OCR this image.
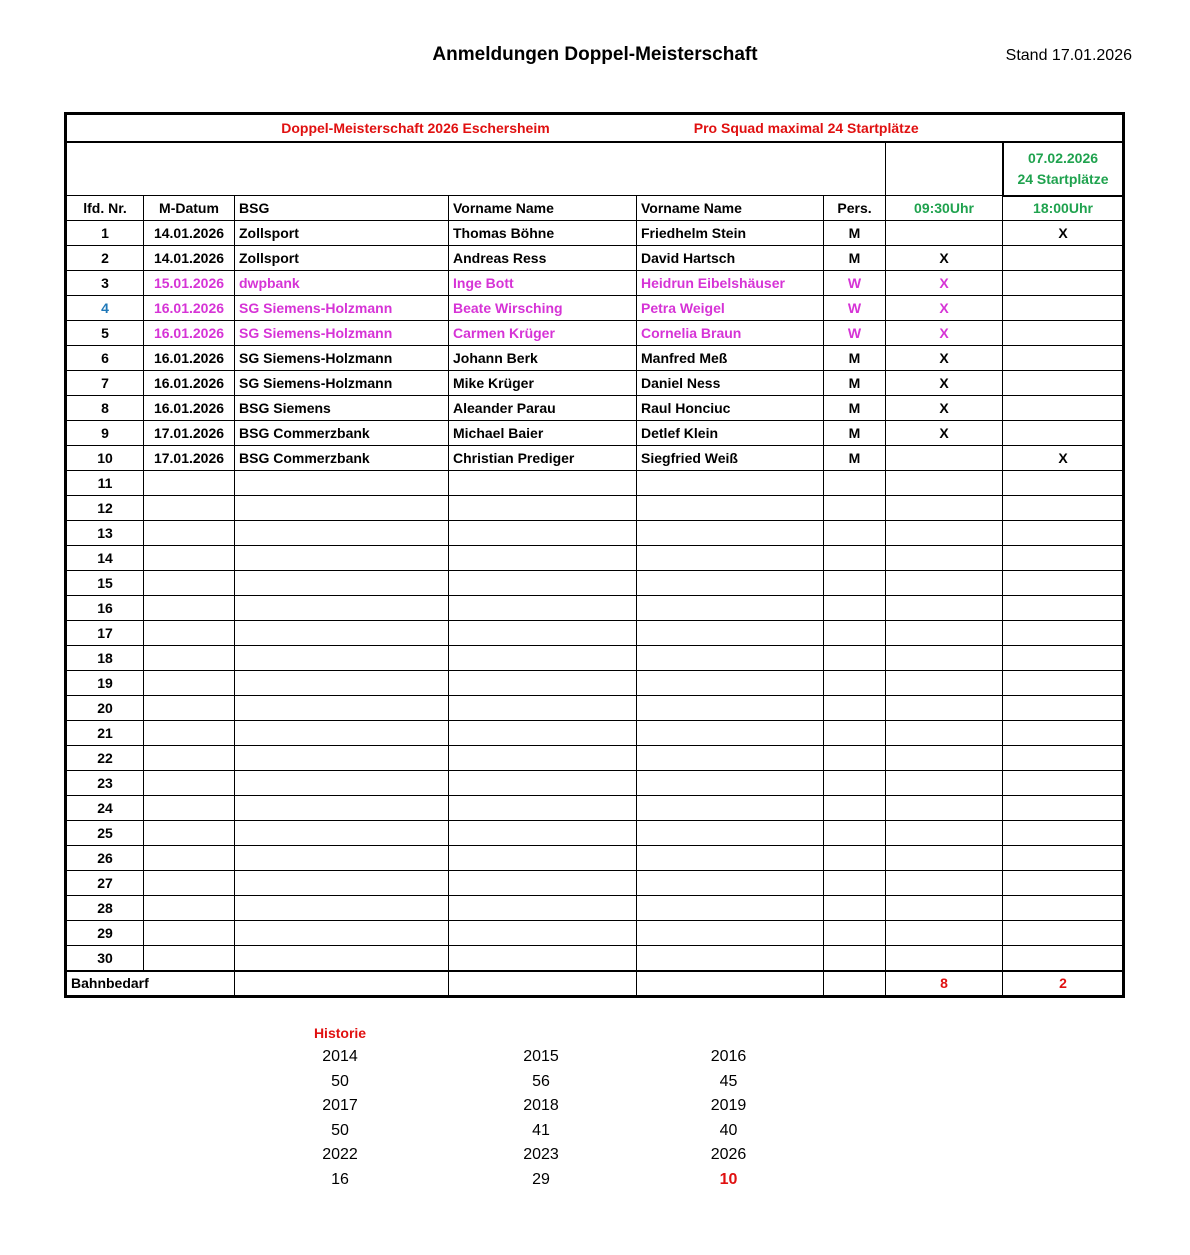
Anmeldungen Doppel-Meisterschaft	Stand 17.01.2026
Doppel-Meisterschaft 2026 Eschersheim Pro Squad maximal 24 Startplätze								

07.02.2026
24 Startplätze

lfd. Nr.	M-Datum	BSG	Vorname Name	Vorname Name	Pers.	09:30Uhr	18:00Uhr	
1	14.01.2026	Zollsport	Thomas Böhne	Friedhelm Stein	M		X	
2	14.01.2026	Zollsport	Andreas Ress	David Hartsch	M	X		
3	15.01.2026	dwpbank	Inge Bott	Heidrun Eibelshäuser	W	X		
4	16.01.2026	SG Siemens-Holzmann	Beate Wirsching	Petra Weigel	W	X		
5	16.01.2026	SG Siemens-Holzmann	Carmen Krüger	Cornelia Braun	W	X		
6	16.01.2026	SG Siemens-Holzmann	Johann Berk	Manfred Meß	M	X		
7	16.01.2026	SG Siemens-Holzmann	Mike Krüger	Daniel Ness	M	X		
8	16.01.2026	BSG Siemens	Aleander Parau	Raul Honciuc	M	X		
9	17.01.2026	BSG Commerzbank	Michael Baier	Detlef Klein	M	X		
10	17.01.2026	BSG Commerzbank	Christian Prediger	Siegfried Weiß	M		X	
11								
12								
13								
14								
15								
16								
17								
18								
19								
20								
21								
22								
23								
24								
25								
26								
27								
28								
29								
30								
Bahnbedarf						8	2	
Historie
2014	2015	2016
50	56	45
2017	2018	2019
50	41	40
2022	2023	2026
16	29	10
